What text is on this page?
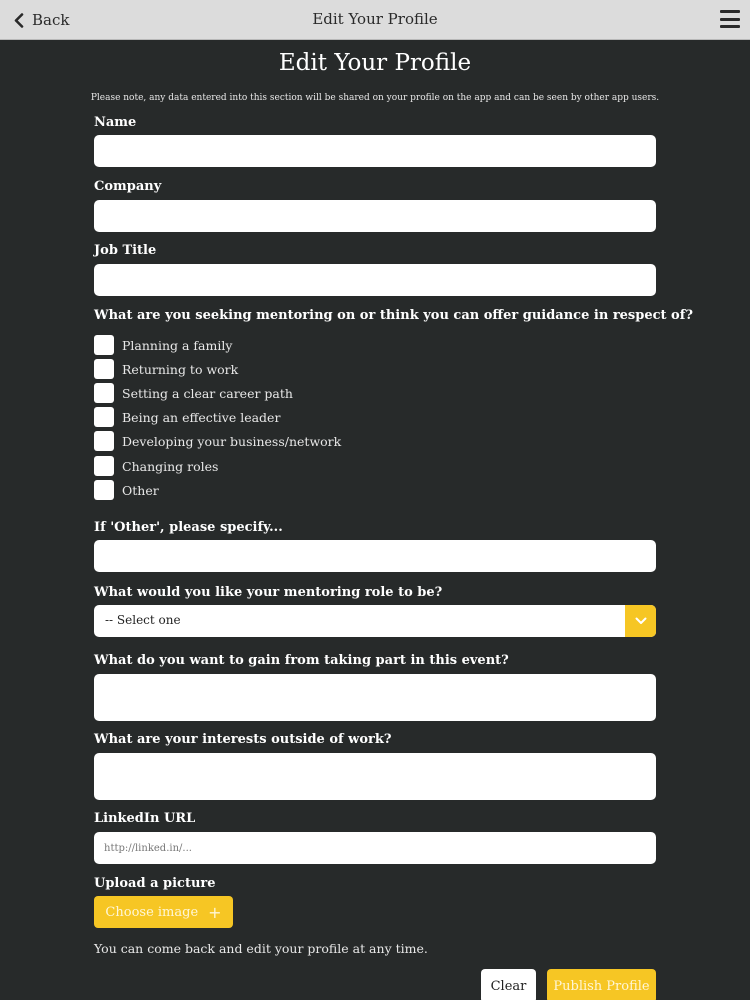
Back	Edit Your Profile
Edit Your Profile
Please note, any data entered into this section will be shared on your profile on the app and can be seen by other app users.
Name
Company
Job Title
What are you seeking mentoring on or think you can offer guidance in respect of?
Planning a family
Returning to work
Setting a clear career path
Being an effective leader
Developing your business/network
Changing roles
Other
If 'Other', please specify...
What would you like your mentoring role to be?
-- Select one
What do you want to gain from taking part in this event?
What are your interests outside of work?
LinkedIn URL
http://linked.in/...
Upload a picture
Choose image +
You can come back and edit your profile at any time.
Clear	Publish Profile
